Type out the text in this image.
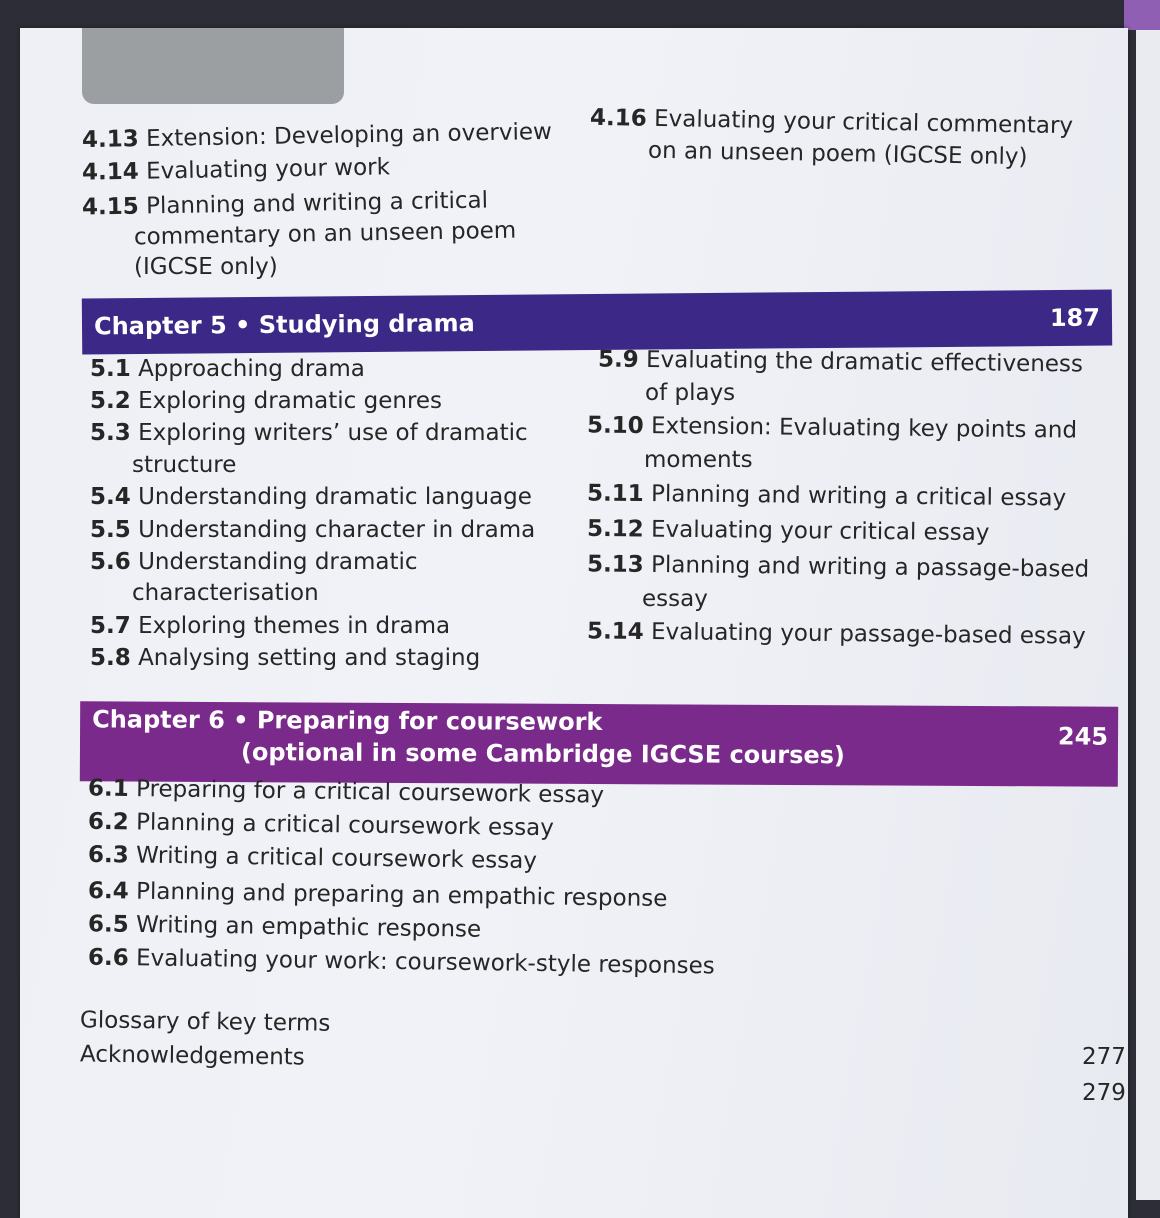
4.13 Extension: Developing an overview
4.14 Evaluating your work
4.15 Planning and writing a critical
commentary on an unseen poem
(IGCSE only)
4.16 Evaluating your critical commentary
on an unseen poem (IGCSE only)
Chapter 5 • Studying drama	187
5.1 Approaching drama
5.2 Exploring dramatic genres
5.3 Exploring writers’ use of dramatic
structure
5.4 Understanding dramatic language
5.5 Understanding character in drama
5.6 Understanding dramatic
characterisation
5.7 Exploring themes in drama
5.8 Analysing setting and staging
5.9 Evaluating the dramatic effectiveness
of plays
5.10 Extension: Evaluating key points and
moments
5.11 Planning and writing a critical essay
5.12 Evaluating your critical essay
5.13 Planning and writing a passage-based
essay
5.14 Evaluating your passage-based essay
Chapter 6 • Preparing for coursework
(optional in some Cambridge IGCSE courses)
245
6.1 Preparing for a critical coursework essay
6.2 Planning a critical coursework essay
6.3 Writing a critical coursework essay
6.4 Planning and preparing an empathic response
6.5 Writing an empathic response
6.6 Evaluating your work: coursework-style responses
Glossary of key terms
Acknowledgements	277
279
